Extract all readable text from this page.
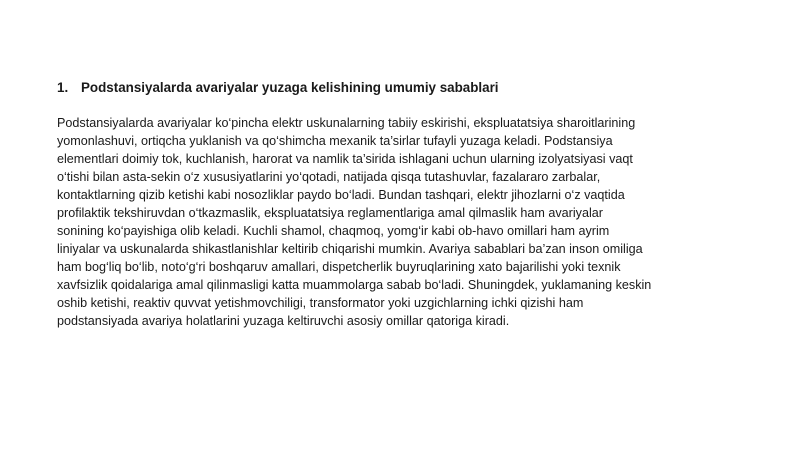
1. Podstansiyalarda avariyalar yuzaga kelishining umumiy sabablari
Podstansiyalarda avariyalar ko‘pincha elektr uskunalarning tabiiy eskirishi, ekspluatatsiya sharoitlarining
yomonlashuvi, ortiqcha yuklanish va qo‘shimcha mexanik ta’sirlar tufayli yuzaga keladi. Podstansiya
elementlari doimiy tok, kuchlanish, harorat va namlik ta’sirida ishlagani uchun ularning izolyatsiyasi vaqt
o‘tishi bilan asta-sekin o‘z xususiyatlarini yo‘qotadi, natijada qisqa tutashuvlar, fazalararo zarbalar,
kontaktlarning qizib ketishi kabi nosozliklar paydo bo‘ladi. Bundan tashqari, elektr jihozlarni o‘z vaqtida
profilaktik tekshiruvdan o‘tkazmaslik, ekspluatatsiya reglamentlariga amal qilmaslik ham avariyalar
sonining ko‘payishiga olib keladi. Kuchli shamol, chaqmoq, yomg‘ir kabi ob-havo omillari ham ayrim
liniyalar va uskunalarda shikastlanishlar keltirib chiqarishi mumkin. Avariya sabablari ba’zan inson omiliga
ham bog‘liq bo‘lib, noto‘g‘ri boshqaruv amallari, dispetcherlik buyruqlarining xato bajarilishi yoki texnik
xavfsizlik qoidalariga amal qilinmasligi katta muammolarga sabab bo‘ladi. Shuningdek, yuklamaning keskin
oshib ketishi, reaktiv quvvat yetishmovchiligi, transformator yoki uzgichlarning ichki qizishi ham
podstansiyada avariya holatlarini yuzaga keltiruvchi asosiy omillar qatoriga kiradi.
